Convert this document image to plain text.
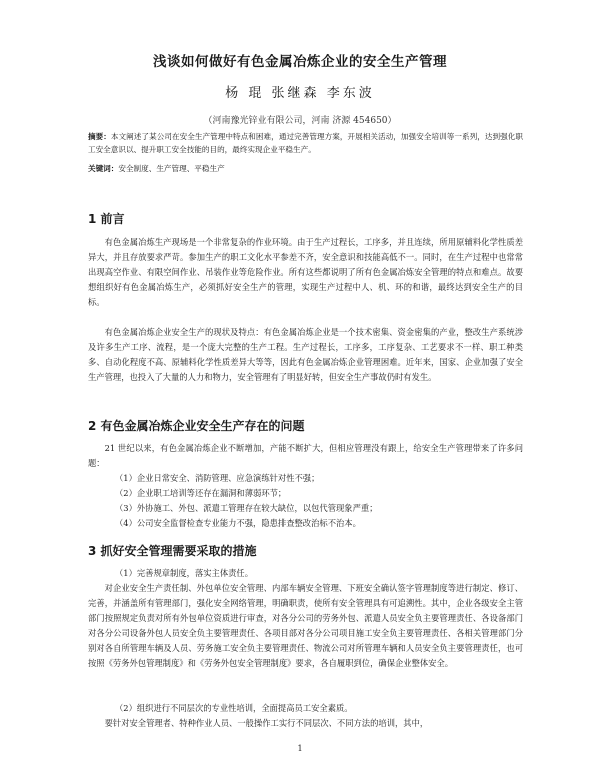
浅谈如何做好有色金属冶炼企业的安全生产管理
杨 琨 张继森 李东波
（河南豫光锌业有限公司，河南 济源 454650）
摘要：本文阐述了某公司在安全生产管理中特点和困难，通过完善管理方案，开展相关活动，加强安全培训等一系列，达到强化职工安全意识以、提升职工安全技能的目的，最终实现企业平稳生产。
关键词：安全制度、生产管理、平稳生产
1 前言
有色金属冶炼生产现场是一个非常复杂的作业环境。由于生产过程长，工序多，并且连续，所用原辅料化学性质差异大，并且存放要求严苛。参加生产的职工文化水平参差不齐，安全意识和技能高低不一。同时，在生产过程中也常常出现高空作业、有限空间作业、吊装作业等危险作业。所有这些都说明了所有色金属冶炼安全管理的特点和难点。故要想组织好有色金属冶炼生产，必须抓好安全生产的管理，实现生产过程中人、机、环的和谐，最终达到安全生产的目标。
有色金属冶炼企业安全生产的现状及特点：有色金属冶炼企业是一个技术密集、资金密集的产业，整改生产系统涉及许多生产工序、流程，是一个庞大完整的生产工程。生产过程长，工序多，工序复杂、工艺要求不一样、职工种类多、自动化程度不高、原辅料化学性质差异大等等，因此有色金属冶炼企业管理困难。近年来，国家、企业加强了安全生产管理，也投入了大量的人力和物力，安全管理有了明显好转，但安全生产事故仍时有发生。
2 有色金属冶炼企业安全生产存在的问题
21 世纪以来，有色金属冶炼企业不断增加，产能不断扩大，但相应管理没有跟上，给安全生产管理带来了许多问题：
（1）企业日常安全、消防管理、应急演练针对性不强；
（2）企业职工培训等还存在漏洞和薄弱环节；
（3）外协施工、外包、派遣工管理存在较大缺位，以包代管现象严重；
（4）公司安全监督检查专业能力不强，隐患排查整改治标不治本。
3 抓好安全管理需要采取的措施
（1）完善规章制度，落实主体责任。
对企业安全生产责任制、外包单位安全管理、内部车辆安全管理、下班安全确认签字管理制度等进行制定、修订、完善，并涵盖所有管理部门，强化安全网络管理，明确职责，使所有安全管理具有可追溯性。其中，企业各级安全主管部门按照规定负责对所有外包单位资质进行审查，对各分公司的劳务外包、派遣人员安全负主要管理责任、各设备部门对各分公司设备外包人员安全负主要管理责任、各项目部对各分公司项目施工安全负主要管理责任、各相关管理部门分别对各自所管理车辆及人员、劳务施工安全负主要管理责任、物流公司对所管理车辆和人员安全负主要管理责任，也可按照《劳务外包管理制度》和《劳务外包安全管理制度》要求，各自履职到位，确保企业整体安全。
（2）组织进行不同层次的专业性培训，全面提高员工安全素质。
要针对安全管理者、特种作业人员、一般操作工实行不同层次、不同方法的培训，其中，
1
